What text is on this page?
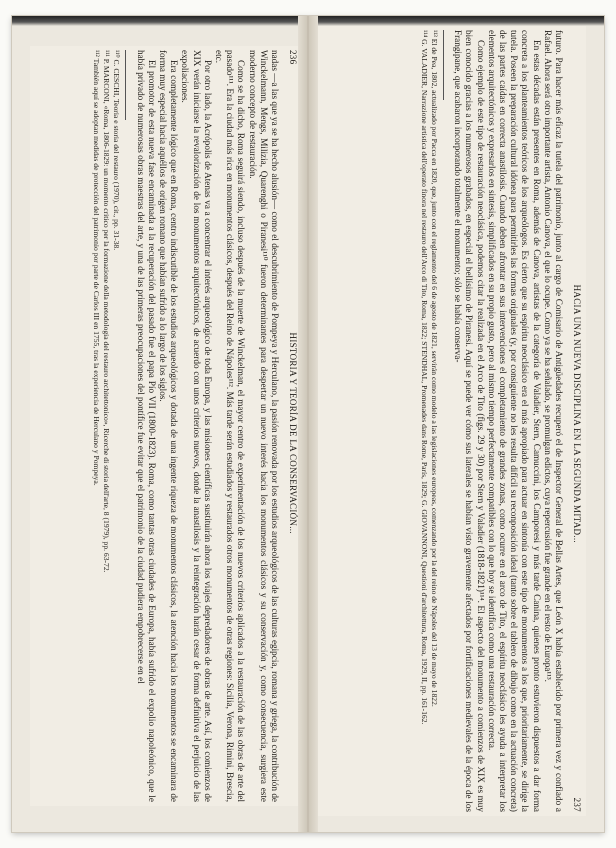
236
HISTORIA Y TEORÍA DE LA CONSERVACIÓN...

nadas —a las que ya se ha hecho alusión— como el descubrimiento de Pompeya y Herculano, la pasión renovada por los estudios arqueológicos de las culturas egipcia, romana y griega, la contribución de Winckelmann, Mengs, Milizia, Quarenghi o Piranesi¹¹⁰ fueron determinantes para despertar un nuevo interés hacia los monumentos clásicos y su conservación y, como consecuencia, surgiera este moderno concepto de restauración.

Como se ha dicho, Roma seguirá siendo, incluso después de la muerte de Winckelman, el mayor centro de experimentación de los nuevos criterios aplicados a la restauración de las obras de arte del pasado¹¹¹. Era la ciudad más rica en monumentos clásicos, después del Reino de Nápoles¹¹². Más tarde serán estudiados y restaurados otros monumentos de otras regiones: Sicilia, Verona, Rimini, Brescia, etc.

Por otro lado, la Acrópolis de Atenas va a concentrar el interés arqueológico de toda Europa, y las misiones científicas sustituirán ahora los viajes depredadores de obras de arte. Así, los comienzos de XIX verán iniciarse la revalorización de los monumentos arquitectónicos, de acuerdo con unos criterios nuevos, donde la anastilosis y la reintegración harán cesar de forma definitiva el perjuicio de las expoliaciones.

Era completamente lógico que en Roma, centro indiscutible de los estudios arqueológicos y dotada de una ingente riqueza de monumentos clásicos, la atención hacia los monumentos se encaminara de forma muy especial hacia aquéllos de origen romano que habían sufrido a lo largo de los siglos.

El promotor de esta nueva fase encaminada a la recuperación del pasado fue el papa Pío VII (1800-1823). Roma, como tantas otras ciudades de Europa, había sufrido el expolio napoleónico, que le había privado de numerosas obras maestras del arte, y una de las primeras preocupaciones del pontífice fue evitar que el patrimonio de la ciudad pudiera empobrecerse en el

¹¹⁰ C. CESCHI, Teoria e storia del restauro (1970), cit., pp. 31-38.

¹¹¹ P. MARCONI, «Roma, 1806-1829: un momento critico per la formazione della metodologia del restauro architettonico», Ricerche di storia dell'arte, 8 (1979), pp. 63-72.

¹¹² También aquí se adoptan medidas de protección del patrimonio por parte de Carlos III en 1755, tras la experiencia de Herculano y Pompeya.	HACIA UNA NUEVA DISCIPLINA EN LA SEGUNDA MITAD...
237

futuro. Para hacer más eficaz la tutela del patrimonio, junto al cargo de Comisario de Antigüedades recuperó el de Inspector General de Bellas Artes, que León X había establecido por primera vez y confiado a Rafael. Ahora será otro importante artista, Antonio Canova, el que lo ocupe. Como ya se ha señalado, se promulgan edictos, cuya repercusión fue grande en el resto de Europa¹¹³.

En estas décadas están presentes en Roma, además de Canova, artistas de la categoría de Valadier, Stern, Camuccini, los Camporesi y más tarde Canina, quienes pronto estuvieron dispuestos a dar forma concreta a los planteamientos teóricos de los arqueólogos. Es cierto que su espíritu neoclásico era el más apropiado para actuar en sintonía con este tipo de monumentos a los que, prioritariamente, se dirige la tutela. Poseen la preparación cultural idónea para permitirles las formas originales (y, por consiguiente no les resulta difícil su reconposición ideal (tanto sobre el tablero de dibujo como en la actuación concreta) de las partes caídas en correcta anastilosis. Cuando deben afrontar en sus intervenciones el completamiento de grandes zonas, como ocurre en el arco de Tito, el espíritu neoclásico les ayuda a interpretar los elementos arquitectónicos y expresarlos en sintesis, simplificados en su propio gusto, pero al mismo tiempo perfectamente compatibles con lo que hoy se identifica como una restauración correcta.

Como ejemplo de este tipo de restauración neoclásica, podemos citar la realizada en el Arco de Tito (figs. 29 y 30) por Stern y Valadier (1818-1821)¹¹⁴. El aspecto del monumento a comienzos de XIX es muy bien conocido gracias a los numerosos grabados, en especial el bellísimo de Piranesi. Aquí se puede ver cómo sus laterales se habían visto gravemente afectados por fortificaciones medievales de la época de los Frangipane, que acabaron incorporando totalmente el monumento; sólo se había conserva-

¹¹³ El de Pea, 1802, actualizado por Pacca en 1820, que, junto con el reglamento del 6 de agosto de 1821, servirán como modelo a las legislaciones europeas, comenzando por la del reino de Nápoles del 13 de mayo de 1822.

¹¹⁴ G. VALADIER, Narrazione artistica dell'operato finora nel restauro dell'Arco di Tito, Roma, 1822; STENDHAL, Promenades dans Rome, París, 1829; G. GIOVANNONI, Questioni d'architettura, Roma, 1929, II, pp. 161-162.
